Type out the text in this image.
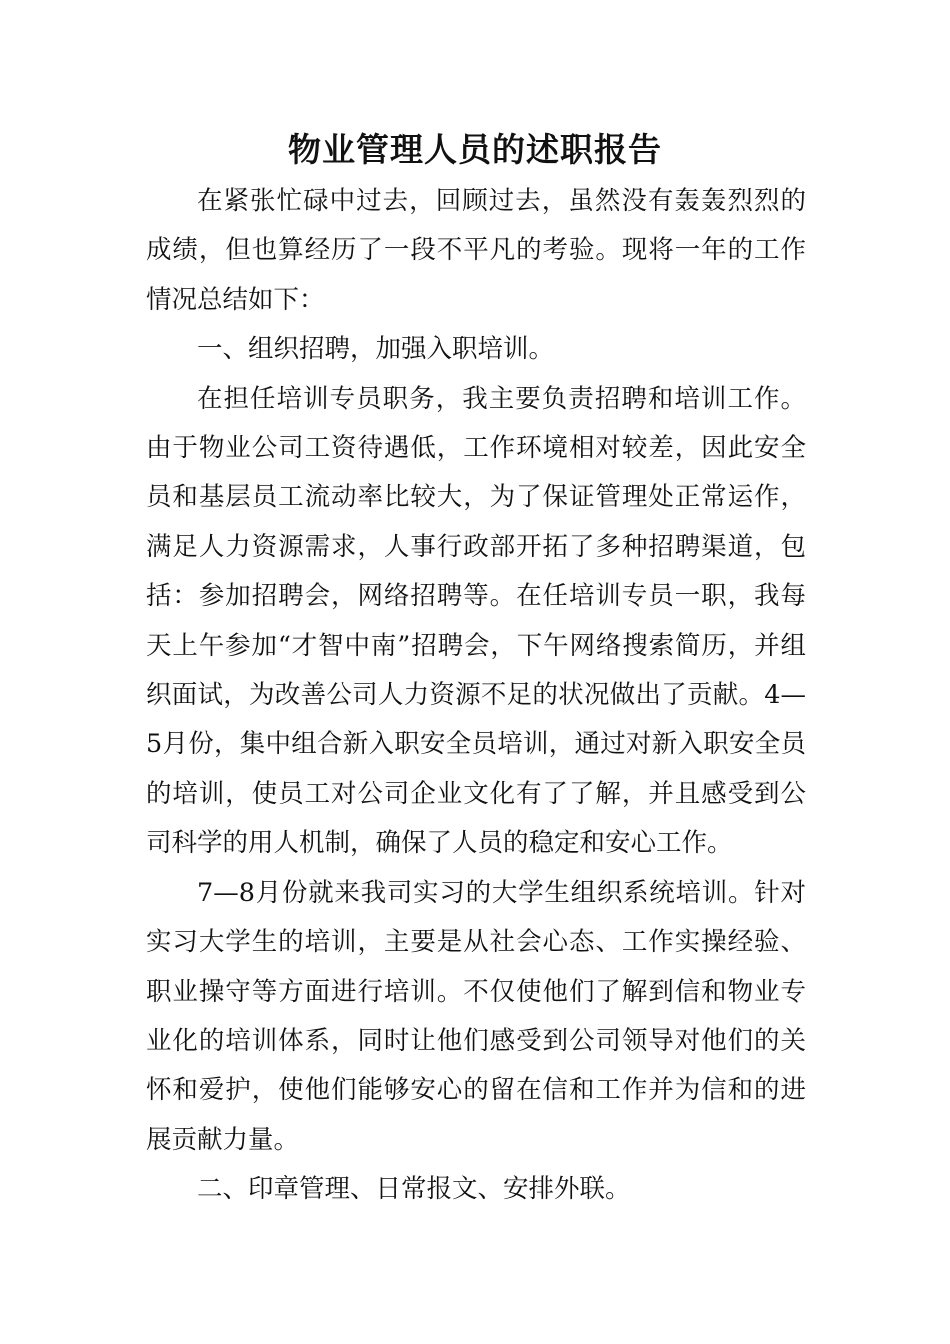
物业管理人员的述职报告

在紧张忙碌中过去，回顾过去，虽然没有轰轰烈烈的成绩，但也算经历了一段不平凡的考验。现将一年的工作情况总结如下：

一、组织招聘，加强入职培训。

在担任培训专员职务，我主要负责招聘和培训工作。由于物业公司工资待遇低，工作环境相对较差，因此安全员和基层员工流动率比较大，为了保证管理处正常运作，满足人力资源需求，人事行政部开拓了多种招聘渠道，包括：参加招聘会，网络招聘等。在任培训专员一职，我每天上午参加“才智中南”招聘会，下午网络搜索简历，并组织面试，为改善公司人力资源不足的状况做出了贡献。4—5月份，集中组合新入职安全员培训，通过对新入职安全员的培训，使员工对公司企业文化有了了解，并且感受到公司科学的用人机制，确保了人员的稳定和安心工作。

7—8月份就来我司实习的大学生组织系统培训。针对实习大学生的培训，主要是从社会心态、工作实操经验、职业操守等方面进行培训。不仅使他们了解到信和物业专业化的培训体系，同时让他们感受到公司领导对他们的关怀和爱护，使他们能够安心的留在信和工作并为信和的进展贡献力量。

二、印章管理、日常报文、安排外联。
